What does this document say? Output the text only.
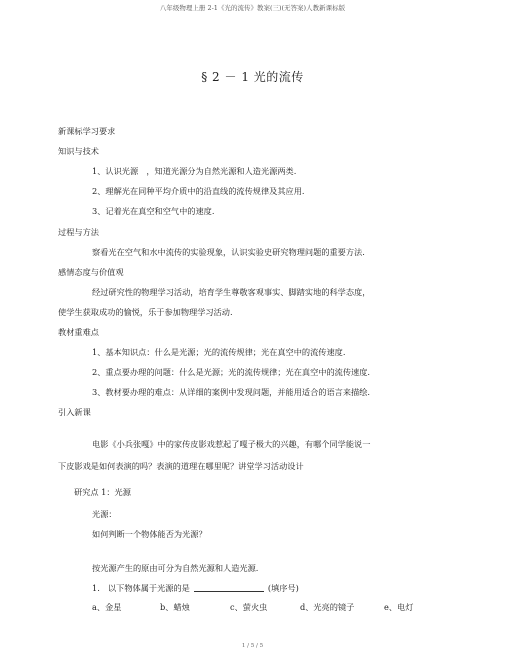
八年级物理上册 2-1《光的流传》教案(三)(无答案)人教新课标版
§ 2 － 1 光的流传
新课标学习要求
知识与技术
1、认识光源　，知道光源分为自然光源和人造光源两类.
2、理解光在同种平均介质中的沿直线的流传规律及其应用.
3、记着光在真空和空气中的速度.
过程与方法
察看光在空气和水中流传的实验现象，认识实验史研究物理问题的重要方法.
感情态度与价值观
经过研究性的物理学习活动，培育学生尊敬客观事实、脚踏实地的科学态度，
使学生获取成功的愉悦，乐于参加物理学习活动.
教材重难点
1、基本知识点：什么是光源；光的流传规律；光在真空中的流传速度.
2、重点要办理的问题：什么是光源；光的流传规律；光在真空中的流传速度.
3、教材要办理的难点：从详细的案例中发现问题，并能用适合的语言来描绘.
引入新课
电影《小兵张嘎》中的家传皮影戏惹起了嘎子极大的兴趣，有哪个同学能说一
下皮影戏是如何表演的吗？表演的道理在哪里呢？讲堂学习活动设计
研究点 1：光源
光源：
如何判断一个物体能否为光源？
按光源产生的原由可分为自然光源和人造光源.
1.　以下物体属于光源的是	(填序号)
a、金星	b、蜡烛	c、萤火虫	d、光亮的镜子	e、电灯
1 / 5 / 5
